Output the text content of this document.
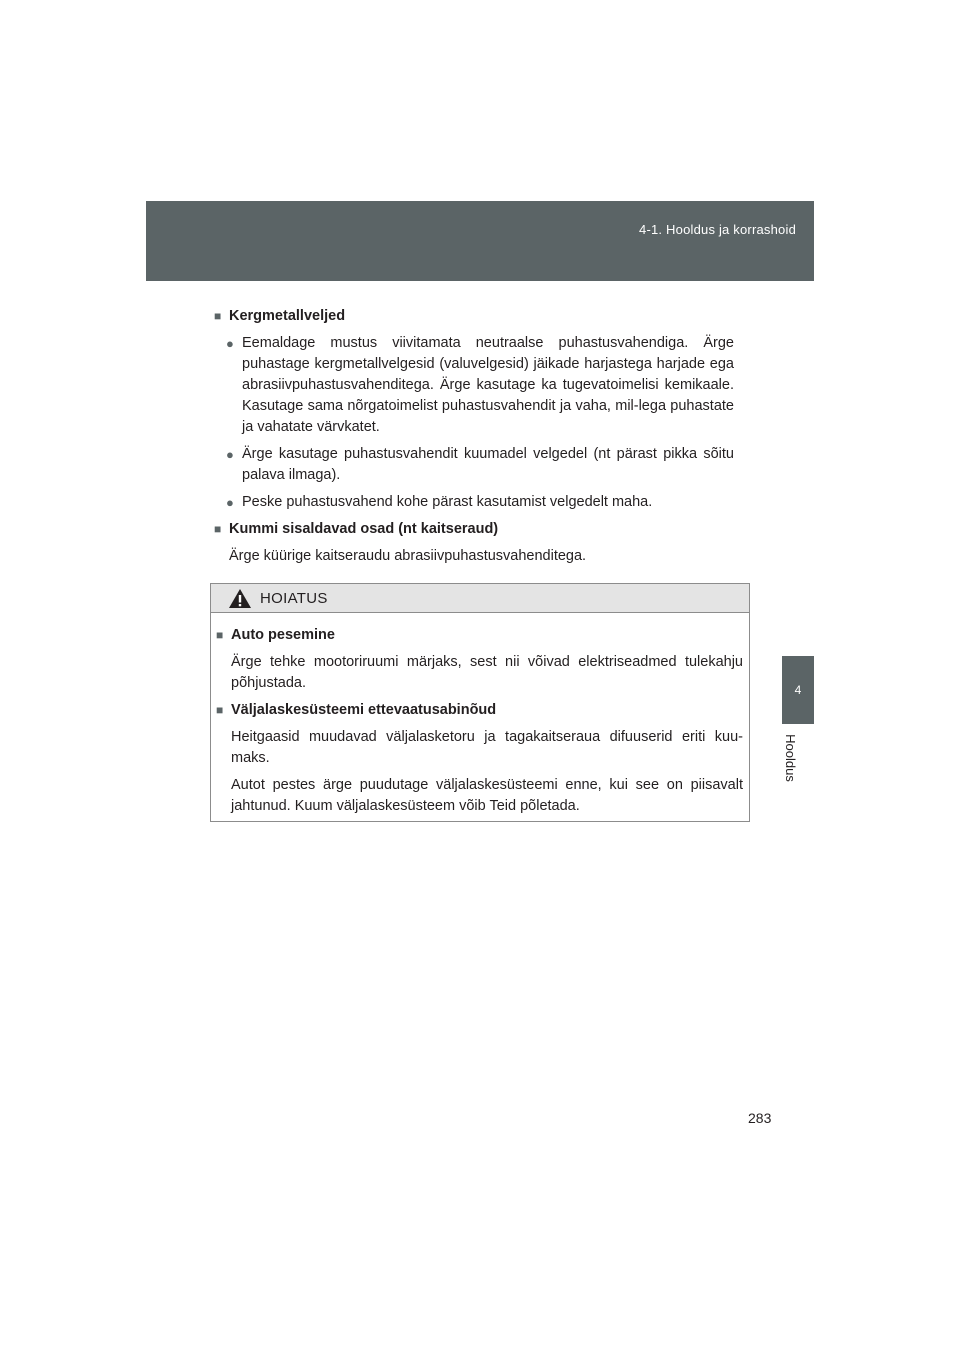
4-1. Hooldus ja korrashoid
4
Hooldus
■ Kergmetallveljed
● Eemaldage mustus viivitamata neutraalse puhastusvahendiga. Ärge puhastage kergmetallvelgesid (valuvelgesid) jäikade harjastega harjade ega abrasiivpuhastusvahenditega. Ärge kasutage ka tugevatoimelisi kemikaale. Kasutage sama nõrgatoimelist puhastusvahendit ja vaha, mil-lega puhastate ja vahatate värvkatet.
● Ärge kasutage puhastusvahendit kuumadel velgedel (nt pärast pikka sõitu palava ilmaga).
● Peske puhastusvahend kohe pärast kasutamist velgedelt maha.
■ Kummi sisaldavad osad (nt kaitseraud)
Ärge küürige kaitseraudu abrasiivpuhastusvahenditega.
HOIATUS
■ Auto pesemine
Ärge tehke mootoriruumi märjaks, sest nii võivad elektriseadmed tulekahju põhjustada.
■ Väljalaskesüsteemi ettevaatusabinõud
Heitgaasid muudavad väljalasketoru ja tagakaitseraua difuuserid eriti kuu-maks.
Autot pestes ärge puudutage väljalaskesüsteemi enne, kui see on piisavalt jahtunud. Kuum väljalaskesüsteem võib Teid põletada.
283
